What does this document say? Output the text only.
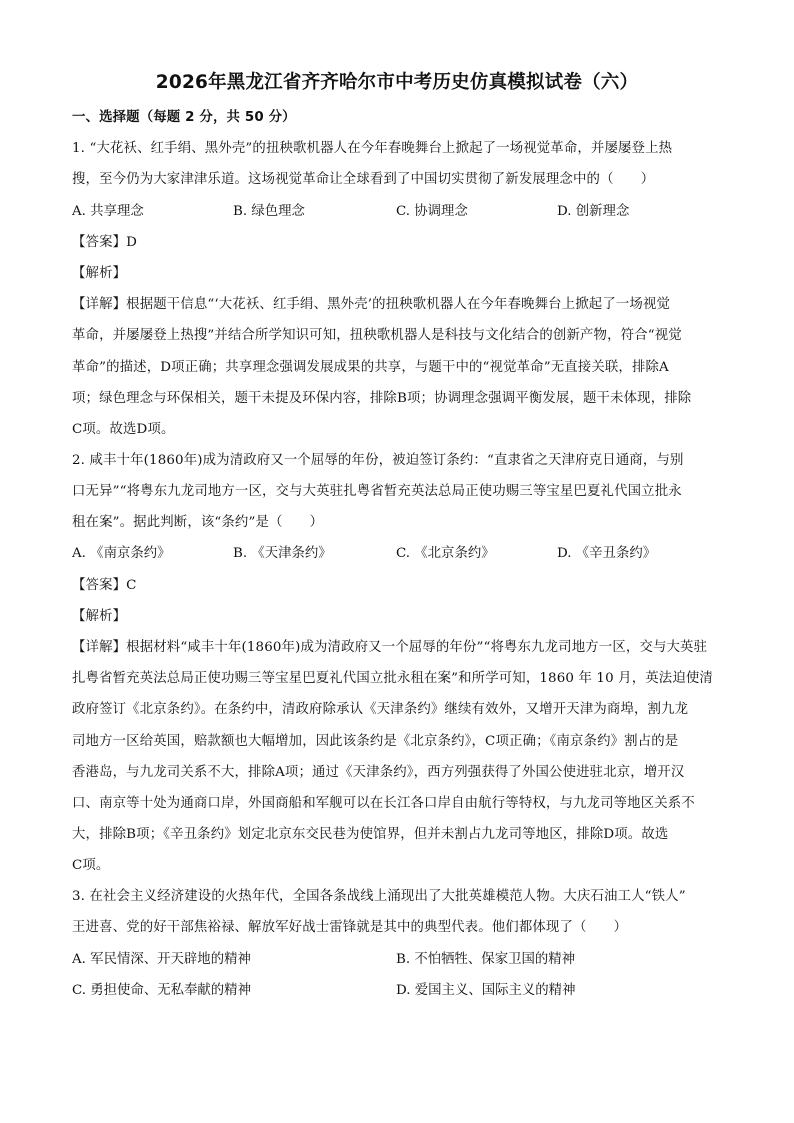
2026年黑龙江省齐齐哈尔市中考历史仿真模拟试卷（六）
一、选择题（每题 2 分，共 50 分）
1. “大花袄、红手绢、黑外壳”的扭秧歌机器人在今年春晚舞台上掀起了一场视觉革命，并屡屡登上热
搜，至今仍为大家津津乐道。这场视觉革命让全球看到了中国切实贯彻了新发展理念中的（　　）
A. 共享理念	B. 绿色理念	C. 协调理念	D. 创新理念
【答案】D
【解析】
【详解】根据题干信息“‘大花袄、红手绢、黑外壳’的扭秧歌机器人在今年春晚舞台上掀起了一场视觉
革命，并屡屡登上热搜”并结合所学知识可知，扭秧歌机器人是科技与文化结合的创新产物，符合“视觉
革命”的描述，D项正确；共享理念强调发展成果的共享，与题干中的“视觉革命”无直接关联，排除A
项；绿色理念与环保相关，题干未提及环保内容，排除B项；协调理念强调平衡发展，题干未体现，排除
C项。故选D项。
2. 咸丰十年(1860年)成为清政府又一个屈辱的年份，被迫签订条约：“直隶省之天津府克日通商，与别
口无异”“将粤东九龙司地方一区，交与大英驻扎粤省暂充英法总局正使功赐三等宝星巴夏礼代国立批永
租在案”。据此判断，该“条约”是（　　）
A. 《南京条约》	B. 《天津条约》	C. 《北京条约》	D. 《辛丑条约》
【答案】C
【解析】
【详解】根据材料“咸丰十年(1860年)成为清政府又一个屈辱的年份”“将粤东九龙司地方一区，交与大英驻
扎粤省暂充英法总局正使功赐三等宝星巴夏礼代国立批永租在案”和所学可知，1860 年 10 月，英法迫使清
政府签订《北京条约》。在条约中，清政府除承认《天津条约》继续有效外，又增开天津为商埠，割九龙
司地方一区给英国，赔款额也大幅增加，因此该条约是《北京条约》，C项正确；《南京条约》割占的是
香港岛，与九龙司关系不大，排除A项；通过《天津条约》，西方列强获得了外国公使进驻北京，增开汉
口、南京等十处为通商口岸，外国商船和军舰可以在长江各口岸自由航行等特权，与九龙司等地区关系不
大，排除B项；《辛丑条约》划定北京东交民巷为使馆界，但并未割占九龙司等地区，排除D项。故选
C项。
3. 在社会主义经济建设的火热年代，全国各条战线上涌现出了大批英雄模范人物。大庆石油工人“铁人”
王进喜、党的好干部焦裕禄、解放军好战士雷锋就是其中的典型代表。他们都体现了（　　）
A. 军民情深、开天辟地的精神	B. 不怕牺牲、保家卫国的精神
C. 勇担使命、无私奉献的精神	D. 爱国主义、国际主义的精神
